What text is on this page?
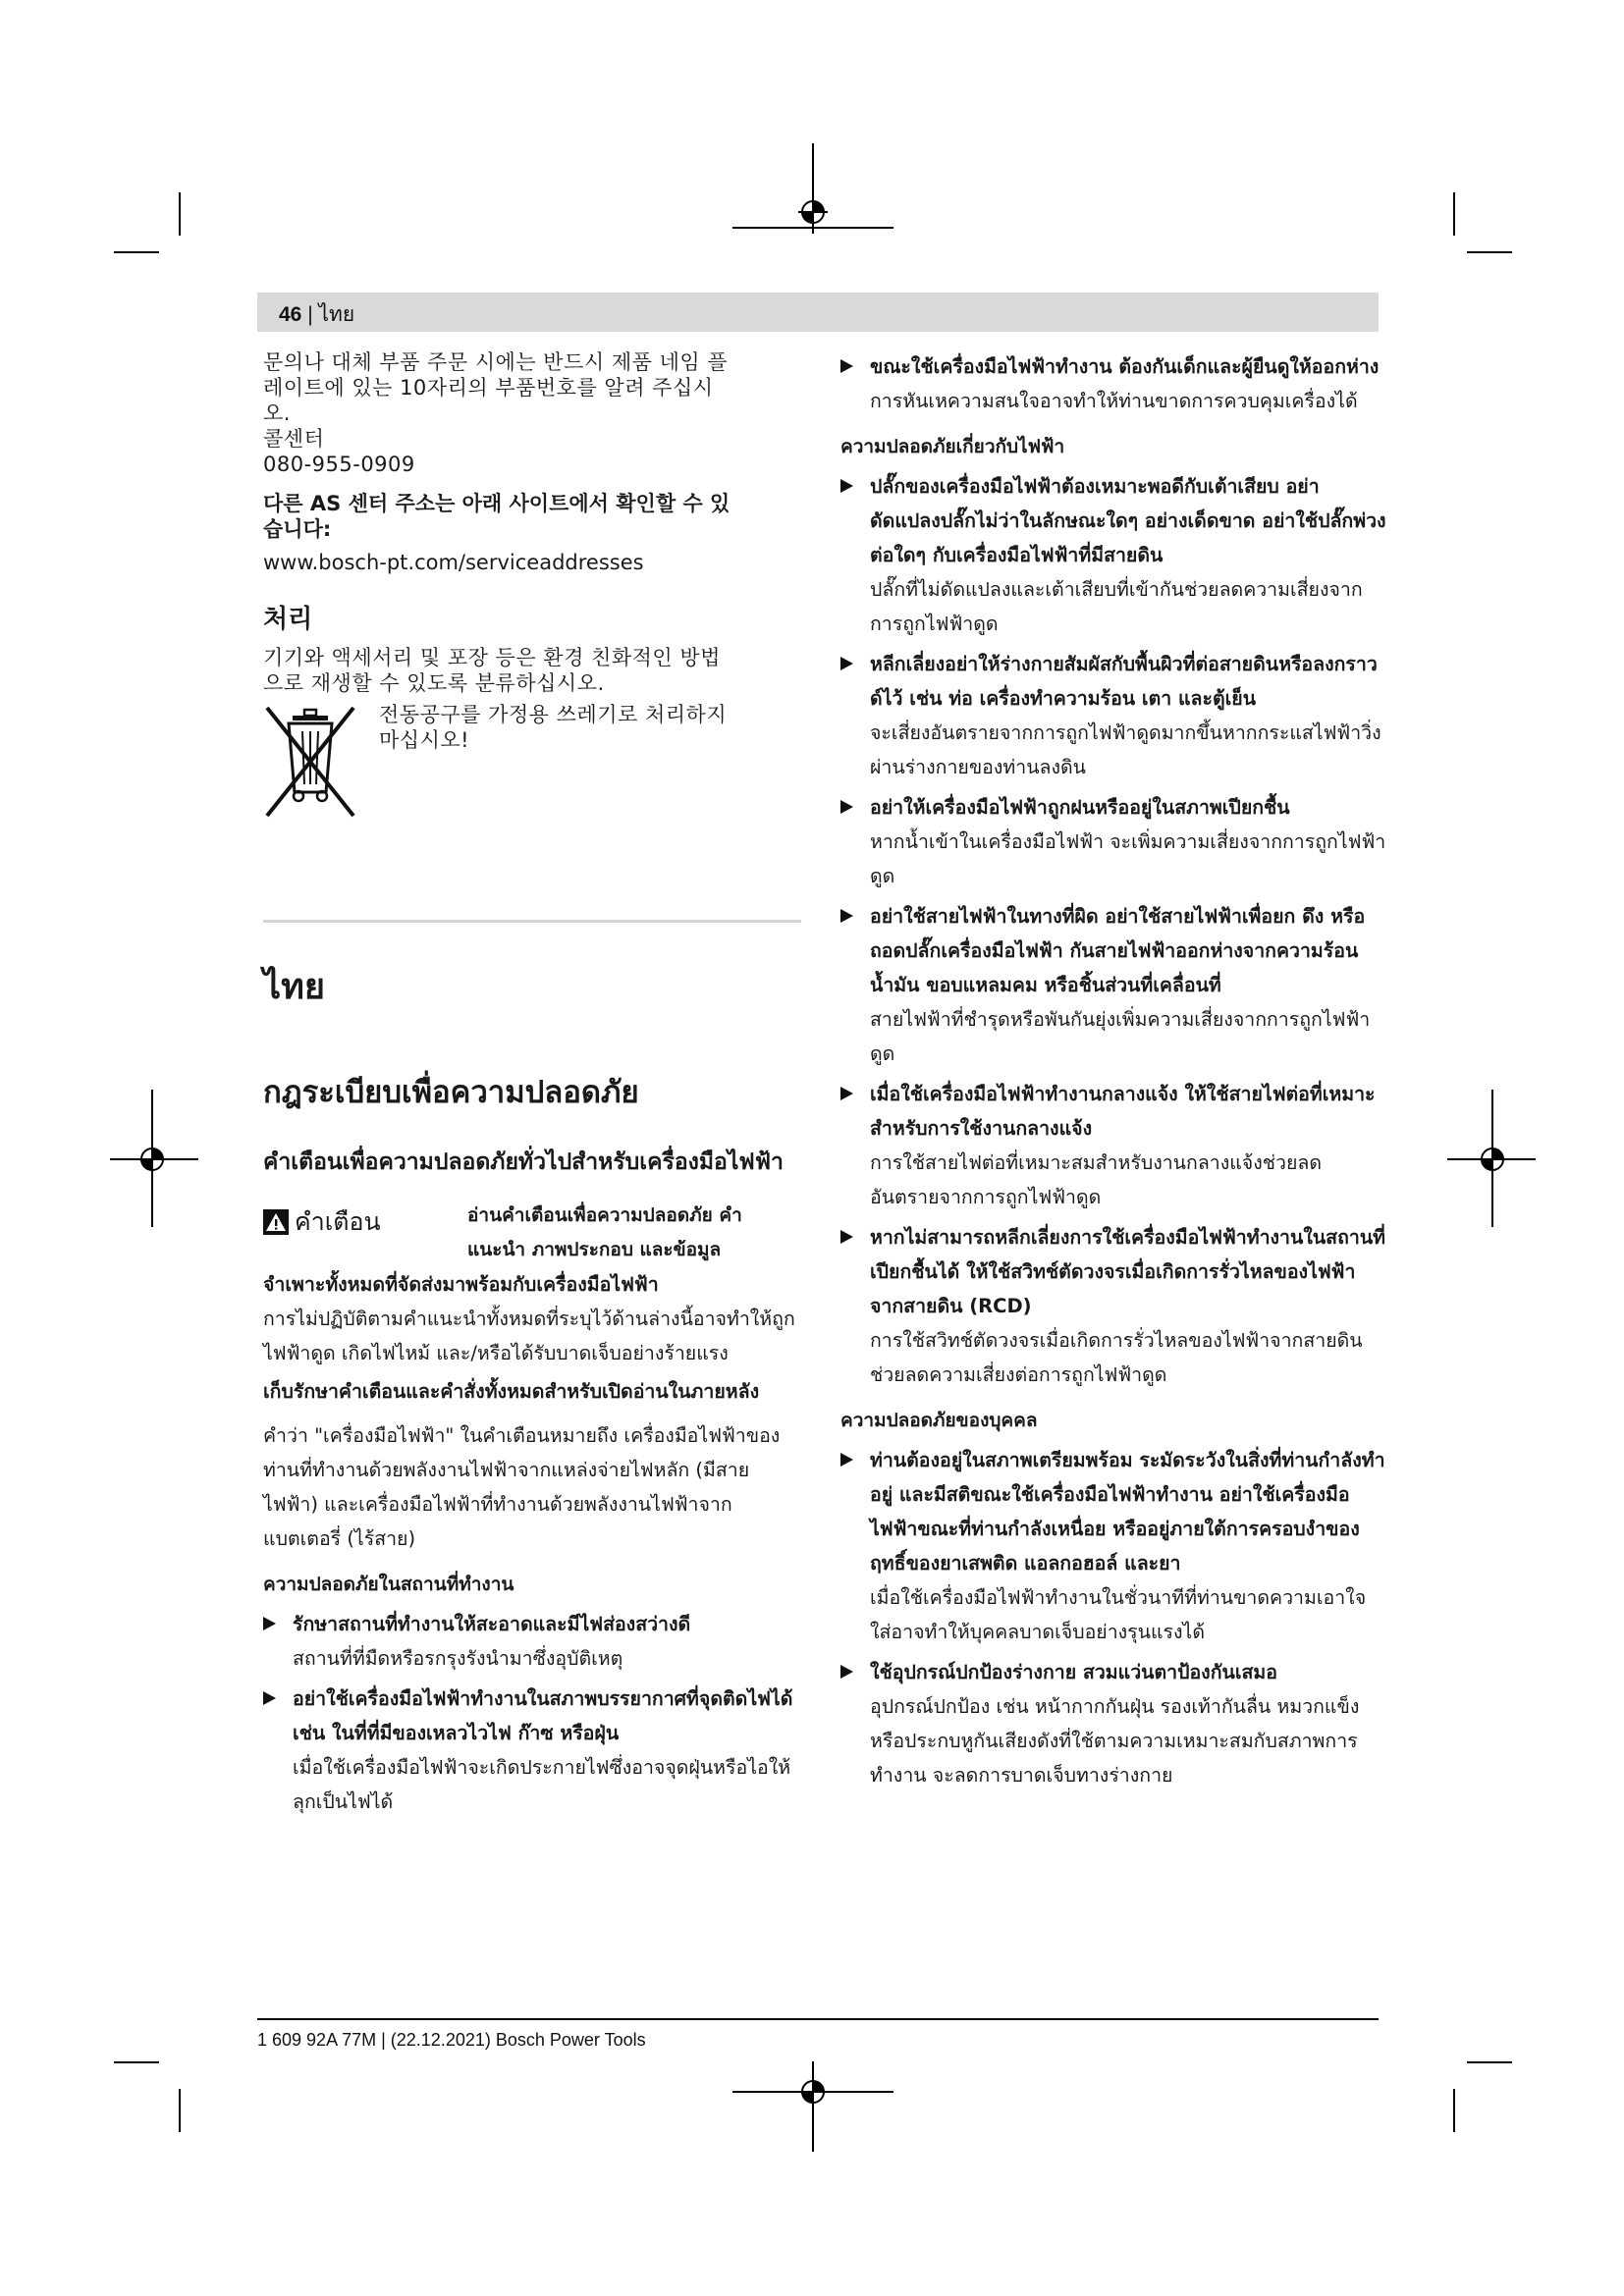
46 | ไทย

문의나 대체 부품 주문 시에는 반드시 제품 네임 플

레이트에 있는 10자리의 부품번호를 알려 주십시

오.

콜센터

080-955-0909

다른 AS 센터 주소는 아래 사이트에서 확인할 수 있
습니다:

www.bosch-pt.com/serviceaddresses

처리

기기와 액세서리 및 포장 등은 환경 친화적인 방법

으로 재생할 수 있도록 분류하십시오.

전동공구를 가정용 쓰레기로 처리하지

마십시오!

ไทย
กฎระเบียบเพื่อความปลอดภัย
คำเตือนเพื่อความปลอดภัยทั่วไปสำหรับเครื่องมือไฟฟ้า
คำเตือน	อ่านคำเตือนเพื่อความปลอดภัย คำ
แนะนำ ภาพประกอบ และข้อมูล

จำเพาะทั้งหมดที่จัดส่งมาพร้อมกับเครื่องมือไฟฟ้า

การไม่ปฏิบัติตามคำแนะนำทั้งหมดที่ระบุไว้ด้านล่างนี้อาจทำให้ถูกไฟฟ้าดูด เกิดไฟไหม้ และ/หรือได้รับบาดเจ็บอย่างร้ายแรง

เก็บรักษาคำเตือนและคำสั่งทั้งหมดสำหรับเปิดอ่านในภายหลัง

คำว่า "เครื่องมือไฟฟ้า" ในคำเตือนหมายถึง เครื่องมือไฟฟ้าของท่านที่ทำงานด้วยพลังงานไฟฟ้าจากแหล่งจ่ายไฟหลัก (มีสายไฟฟ้า) และเครื่องมือไฟฟ้าที่ทำงานด้วยพลังงานไฟฟ้าจากแบตเตอรี่ (ไร้สาย)

ความปลอดภัยในสถานที่ทำงาน

รักษาสถานที่ทำงานให้สะอาดและมีไฟส่องสว่างดี

สถานที่ที่มืดหรือรกรุงรังนำมาซึ่งอุบัติเหตุ

อย่าใช้เครื่องมือไฟฟ้าทำงานในสภาพบรรยากาศที่จุดติดไฟได้ เช่น ในที่ที่มีของเหลวไวไฟ ก๊าซ หรือฝุ่น

เมื่อใช้เครื่องมือไฟฟ้าจะเกิดประกายไฟซึ่งอาจจุดฝุ่นหรือไอให้ลุกเป็นไฟได้

ขณะใช้เครื่องมือไฟฟ้าทำงาน ต้องกันเด็กและผู้ยืนดูให้ออกห่าง

การหันเหความสนใจอาจทำให้ท่านขาดการควบคุมเครื่องได้

ความปลอดภัยเกี่ยวกับไฟฟ้า

ปลั๊กของเครื่องมือไฟฟ้าต้องเหมาะพอดีกับเต้าเสียบ อย่าดัดแปลงปลั๊กไม่ว่าในลักษณะใดๆ อย่างเด็ดขาด อย่าใช้ปลั๊กพ่วงต่อใดๆ กับเครื่องมือไฟฟ้าที่มีสายดิน

ปลั๊กที่ไม่ดัดแปลงและเต้าเสียบที่เข้ากันช่วยลดความเสี่ยงจากการถูกไฟฟ้าดูด

หลีกเลี่ยงอย่าให้ร่างกายสัมผัสกับพื้นผิวที่ต่อสายดินหรือลงกราวด์ไว้ เช่น ท่อ เครื่องทำความร้อน เตา และตู้เย็น

จะเสี่ยงอันตรายจากการถูกไฟฟ้าดูดมากขึ้นหากกระแสไฟฟ้าวิ่งผ่านร่างกายของท่านลงดิน

อย่าให้เครื่องมือไฟฟ้าถูกฝนหรืออยู่ในสภาพเปียกชื้น

หากน้ำเข้าในเครื่องมือไฟฟ้า จะเพิ่มความเสี่ยงจากการถูกไฟฟ้าดูด

อย่าใช้สายไฟฟ้าในทางที่ผิด อย่าใช้สายไฟฟ้าเพื่อยก ดึง หรือถอดปลั๊กเครื่องมือไฟฟ้า กันสายไฟฟ้าออกห่างจากความร้อน น้ำมัน ขอบแหลมคม หรือชิ้นส่วนที่เคลื่อนที่

สายไฟฟ้าที่ชำรุดหรือพันกันยุ่งเพิ่มความเสี่ยงจากการถูกไฟฟ้าดูด

เมื่อใช้เครื่องมือไฟฟ้าทำงานกลางแจ้ง ให้ใช้สายไฟต่อที่เหมาะสำหรับการใช้งานกลางแจ้ง

การใช้สายไฟต่อที่เหมาะสมสำหรับงานกลางแจ้งช่วยลดอันตรายจากการถูกไฟฟ้าดูด

หากไม่สามารถหลีกเลี่ยงการใช้เครื่องมือไฟฟ้าทำงานในสถานที่เปียกชื้นได้ ให้ใช้สวิทช์ตัดวงจรเมื่อเกิดการรั่วไหลของไฟฟ้าจากสายดิน (RCD)

การใช้สวิทช์ตัดวงจรเมื่อเกิดการรั่วไหลของไฟฟ้าจากสายดินช่วยลดความเสี่ยงต่อการถูกไฟฟ้าดูด

ความปลอดภัยของบุคคล

ท่านต้องอยู่ในสภาพเตรียมพร้อม ระมัดระวังในสิ่งที่ท่านกำลังทำอยู่ และมีสติขณะใช้เครื่องมือไฟฟ้าทำงาน อย่าใช้เครื่องมือไฟฟ้าขณะที่ท่านกำลังเหนื่อย หรืออยู่ภายใต้การครอบงำของฤทธิ์ของยาเสพติด แอลกอฮอล์ และยา

เมื่อใช้เครื่องมือไฟฟ้าทำงานในชั่วนาทีที่ท่านขาดความเอาใจใส่อาจทำให้บุคคลบาดเจ็บอย่างรุนแรงได้

ใช้อุปกรณ์ปกป้องร่างกาย สวมแว่นตาป้องกันเสมอ

อุปกรณ์ปกป้อง เช่น หน้ากากกันฝุ่น รองเท้ากันลื่น หมวกแข็ง หรือประกบหูกันเสียงดังที่ใช้ตามความเหมาะสมกับสภาพการทำงาน จะลดการบาดเจ็บทางร่างกาย

1 609 92A 77M | (22.12.2021) Bosch Power Tools
